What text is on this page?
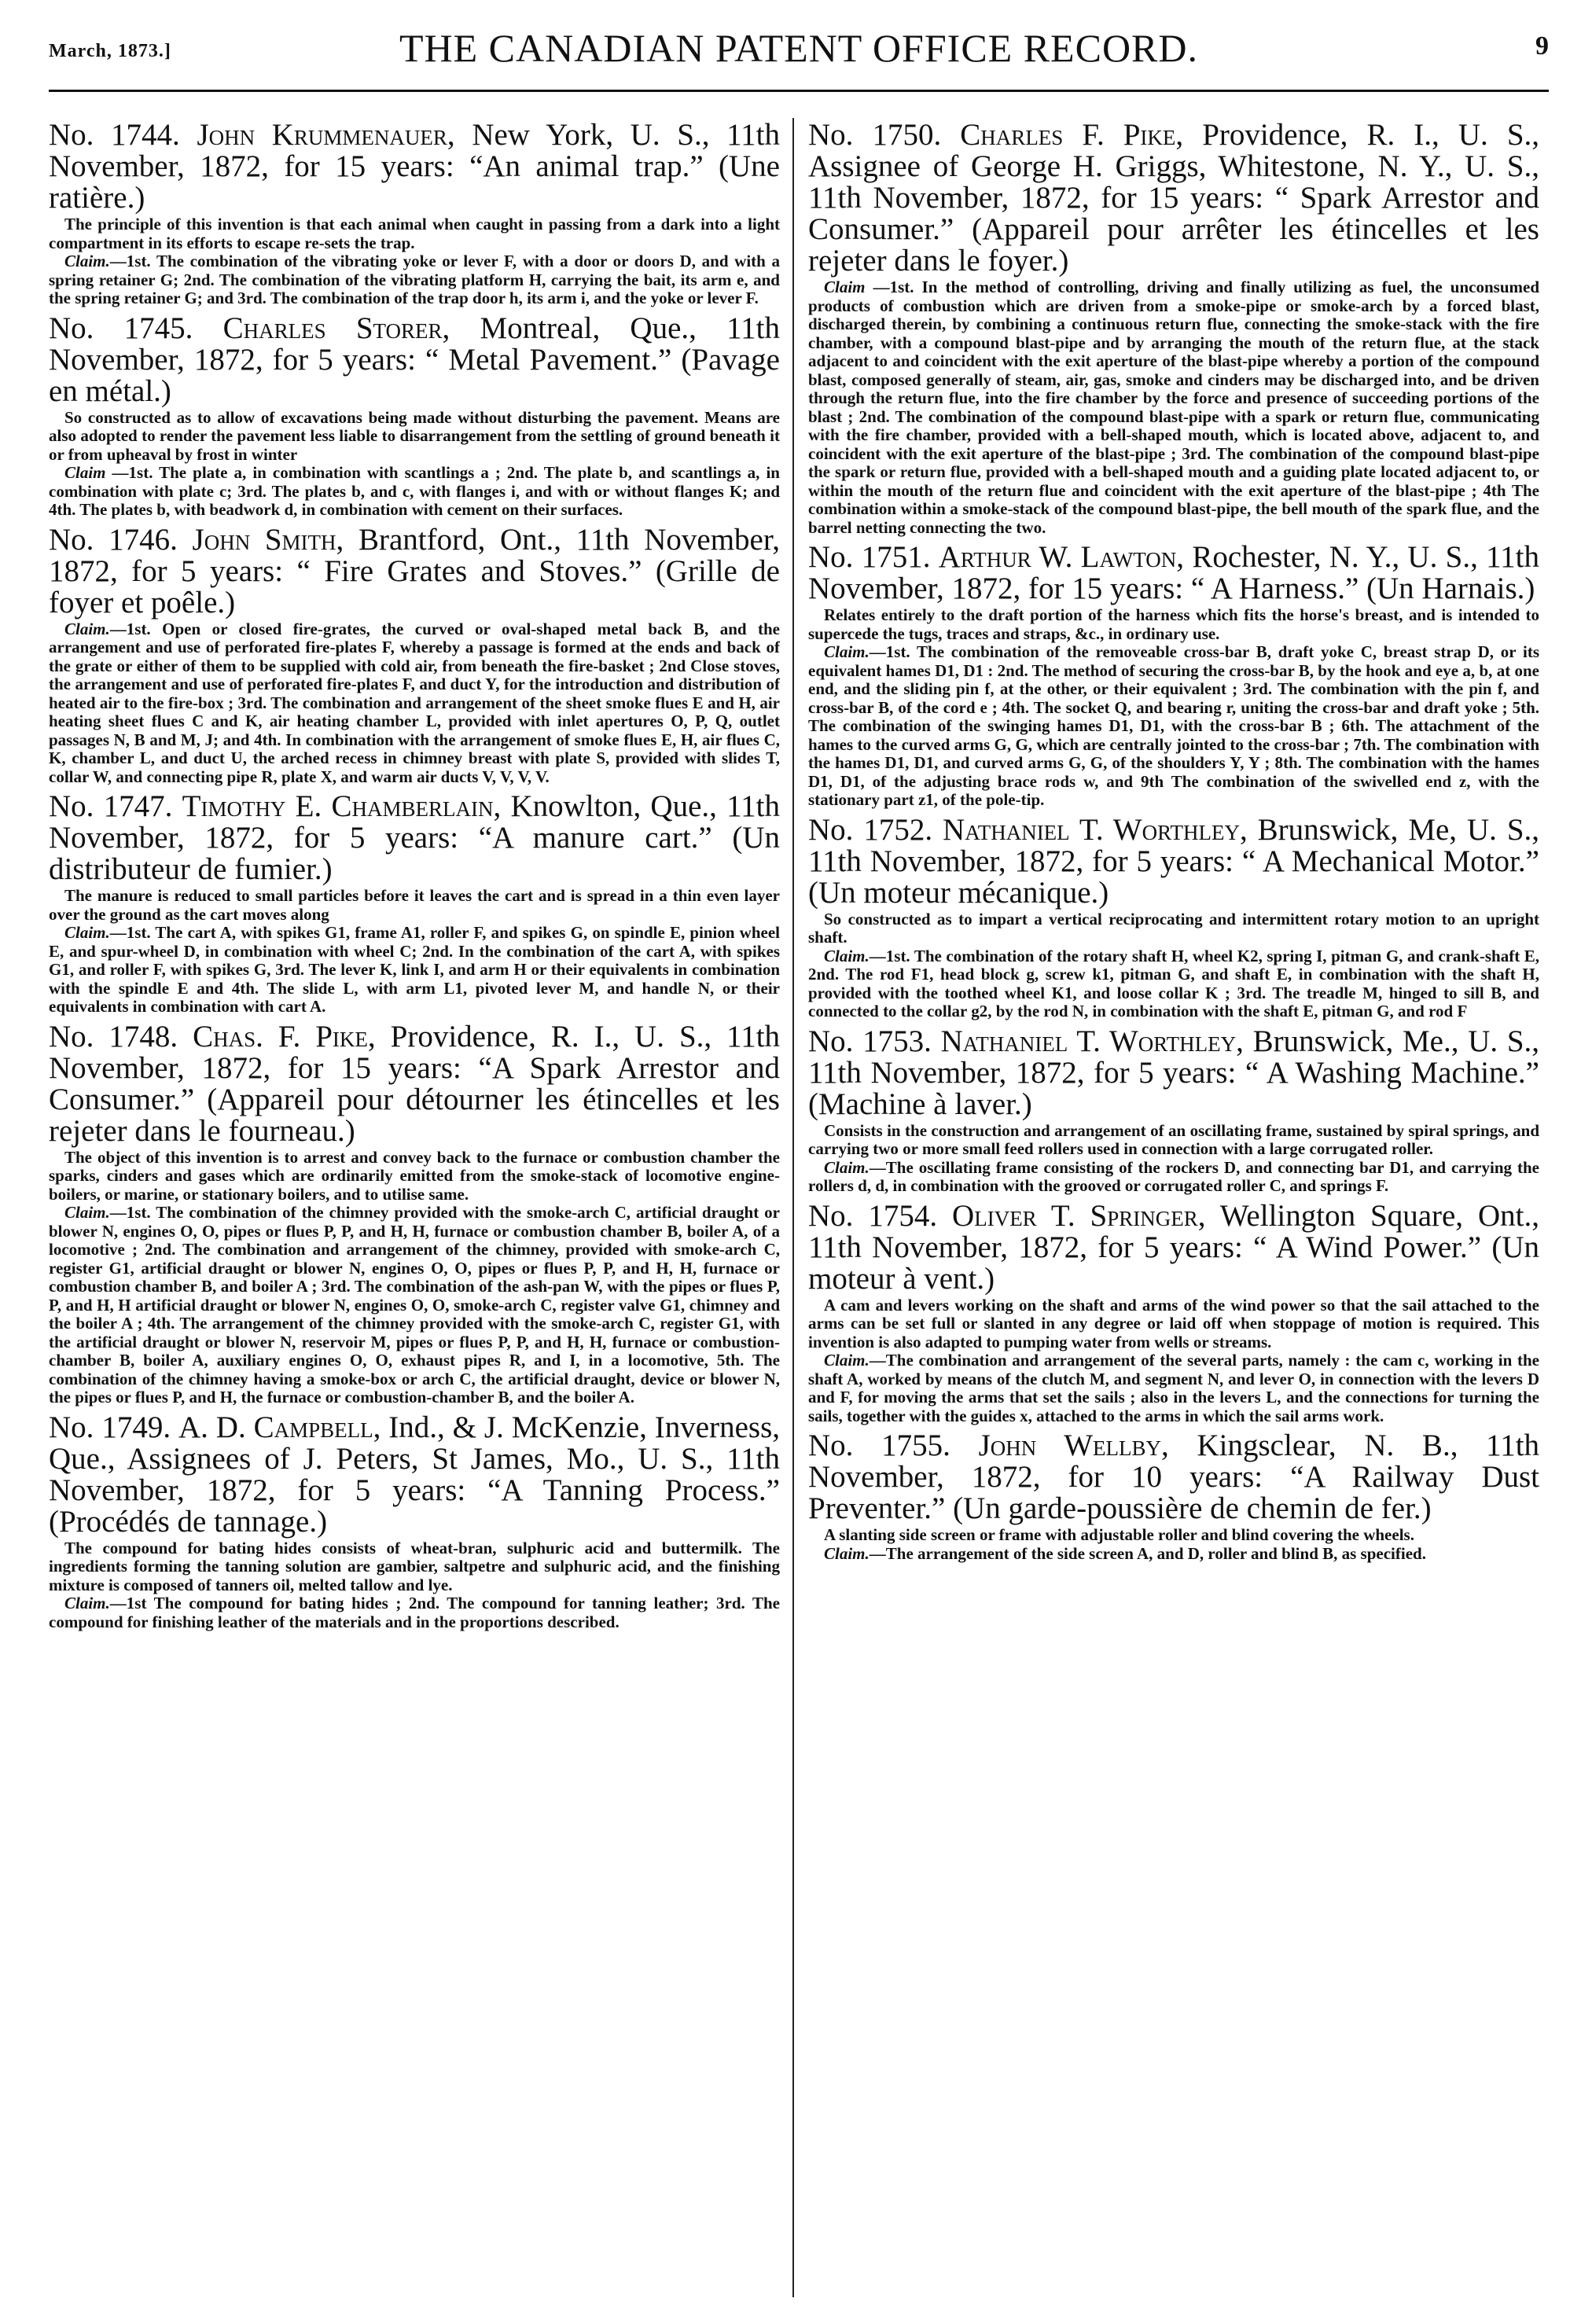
March, 1873.]	THE CANADIAN PATENT OFFICE RECORD.	9

No. 1744. John Krummenauer, New York, U. S., 11th November, 1872, for 15 years: “An animal trap.” (Une ratière.)

The principle of this invention is that each animal when caught in passing from a dark into a light compartment in its efforts to escape re-sets the trap.

Claim.—1st. The combination of the vibrating yoke or lever F, with a door or doors D, and with a spring retainer G; 2nd. The combination of the vibrating platform H, carrying the bait, its arm e, and the spring retainer G; and 3rd. The combination of the trap door h, its arm i, and the yoke or lever F.

No. 1745. Charles Storer, Montreal, Que., 11th November, 1872, for 5 years: “ Metal Pavement.” (Pavage en métal.)

So constructed as to allow of excavations being made without disturbing the pavement. Means are also adopted to render the pavement less liable to disarrangement from the settling of ground beneath it or from upheaval by frost in winter

Claim —1st. The plate a, in combination with scantlings a ; 2nd. The plate b, and scantlings a, in combination with plate c; 3rd. The plates b, and c, with flanges i, and with or without flanges K; and 4th. The plates b, with beadwork d, in combination with cement on their surfaces.

No. 1746. John Smith, Brantford, Ont., 11th November, 1872, for 5 years: “ Fire Grates and Stoves.” (Grille de foyer et poêle.)

Claim.—1st. Open or closed fire-grates, the curved or oval-shaped metal back B, and the arrangement and use of perforated fire-plates F, whereby a passage is formed at the ends and back of the grate or either of them to be supplied with cold air, from beneath the fire-basket ; 2nd Close stoves, the arrangement and use of perforated fire-plates F, and duct Y, for the introduction and distribution of heated air to the fire-box ; 3rd. The combination and arrangement of the sheet smoke flues E and H, air heating sheet flues C and K, air heating chamber L, provided with inlet apertures O, P, Q, outlet passages N, B and M, J; and 4th. In combination with the arrangement of smoke flues E, H, air flues C, K, chamber L, and duct U, the arched recess in chimney breast with plate S, provided with slides T, collar W, and connecting pipe R, plate X, and warm air ducts V, V, V, V.

No. 1747. Timothy E. Chamberlain, Knowlton, Que., 11th November, 1872, for 5 years: “A manure cart.” (Un distributeur de fumier.)

The manure is reduced to small particles before it leaves the cart and is spread in a thin even layer over the ground as the cart moves along

Claim.—1st. The cart A, with spikes G1, frame A1, roller F, and spikes G, on spindle E, pinion wheel E, and spur-wheel D, in combination with wheel C; 2nd. In the combination of the cart A, with spikes G1, and roller F, with spikes G, 3rd. The lever K, link I, and arm H or their equivalents in combination with the spindle E and 4th. The slide L, with arm L1, pivoted lever M, and handle N, or their equivalents in combination with cart A.

No. 1748. Chas. F. Pike, Providence, R. I., U. S., 11th November, 1872, for 15 years: “A Spark Arrestor and Consumer.” (Appareil pour détourner les étincelles et les rejeter dans le fourneau.)

The object of this invention is to arrest and convey back to the furnace or combustion chamber the sparks, cinders and gases which are ordinarily emitted from the smoke-stack of locomotive engine-boilers, or marine, or stationary boilers, and to utilise same.

Claim.—1st. The combination of the chimney provided with the smoke-arch C, artificial draught or blower N, engines O, O, pipes or flues P, P, and H, H, furnace or combustion chamber B, boiler A, of a locomotive ; 2nd. The combination and arrangement of the chimney, provided with smoke-arch C, register G1, artificial draught or blower N, engines O, O, pipes or flues P, P, and H, H, furnace or combustion chamber B, and boiler A ; 3rd. The combination of the ash-pan W, with the pipes or flues P, P, and H, H artificial draught or blower N, engines O, O, smoke-arch C, register valve G1, chimney and the boiler A ; 4th. The arrangement of the chimney provided with the smoke-arch C, register G1, with the artificial draught or blower N, reservoir M, pipes or flues P, P, and H, H, furnace or combustion-chamber B, boiler A, auxiliary engines O, O, exhaust pipes R, and I, in a locomotive, 5th. The combination of the chimney having a smoke-box or arch C, the artificial draught, device or blower N, the pipes or flues P, and H, the furnace or combustion-chamber B, and the boiler A.

No. 1749. A. D. Campbell, Ind., & J. McKenzie, Inverness, Que., Assignees of J. Peters, St James, Mo., U. S., 11th November, 1872, for 5 years: “A Tanning Process.” (Procédés de tannage.)

The compound for bating hides consists of wheat-bran, sulphuric acid and buttermilk. The ingredients forming the tanning solution are gambier, saltpetre and sulphuric acid, and the finishing mixture is composed of tanners oil, melted tallow and lye.

Claim.—1st The compound for bating hides ; 2nd. The compound for tanning leather; 3rd. The compound for finishing leather of the materials and in the proportions described.

No. 1750. Charles F. Pike, Providence, R. I., U. S., Assignee of George H. Griggs, Whitestone, N. Y., U. S., 11th November, 1872, for 15 years: “ Spark Arrestor and Consumer.” (Appareil pour arrêter les étincelles et les rejeter dans le foyer.)

Claim —1st. In the method of controlling, driving and finally utilizing as fuel, the unconsumed products of combustion which are driven from a smoke-pipe or smoke-arch by a forced blast, discharged therein, by combining a continuous return flue, connecting the smoke-stack with the fire chamber, with a compound blast-pipe and by arranging the mouth of the return flue, at the stack adjacent to and coincident with the exit aperture of the blast-pipe whereby a portion of the compound blast, composed generally of steam, air, gas, smoke and cinders may be discharged into, and be driven through the return flue, into the fire chamber by the force and presence of succeeding portions of the blast ; 2nd. The combination of the compound blast-pipe with a spark or return flue, communicating with the fire chamber, provided with a bell-shaped mouth, which is located above, adjacent to, and coincident with the exit aperture of the blast-pipe ; 3rd. The combination of the compound blast-pipe the spark or return flue, provided with a bell-shaped mouth and a guiding plate located adjacent to, or within the mouth of the return flue and coincident with the exit aperture of the blast-pipe ; 4th The combination within a smoke-stack of the compound blast-pipe, the bell mouth of the spark flue, and the barrel netting connecting the two.

No. 1751. Arthur W. Lawton, Rochester, N. Y., U. S., 11th November, 1872, for 15 years: “ A Harness.” (Un Harnais.)

Relates entirely to the draft portion of the harness which fits the horse's breast, and is intended to supercede the tugs, traces and straps, &c., in ordinary use.

Claim.—1st. The combination of the removeable cross-bar B, draft yoke C, breast strap D, or its equivalent hames D1, D1 : 2nd. The method of securing the cross-bar B, by the hook and eye a, b, at one end, and the sliding pin f, at the other, or their equivalent ; 3rd. The combination with the pin f, and cross-bar B, of the cord e ; 4th. The socket Q, and bearing r, uniting the cross-bar and draft yoke ; 5th. The combination of the swinging hames D1, D1, with the cross-bar B ; 6th. The attachment of the hames to the curved arms G, G, which are centrally jointed to the cross-bar ; 7th. The combination with the hames D1, D1, and curved arms G, G, of the shoulders Y, Y ; 8th. The combination with the hames D1, D1, of the adjusting brace rods w, and 9th The combination of the swivelled end z, with the stationary part z1, of the pole-tip.

No. 1752. Nathaniel T. Worthley, Brunswick, Me, U. S., 11th November, 1872, for 5 years: “ A Mechanical Motor.” (Un moteur mécanique.)

So constructed as to impart a vertical reciprocating and intermittent rotary motion to an upright shaft.

Claim.—1st. The combination of the rotary shaft H, wheel K2, spring I, pitman G, and crank-shaft E, 2nd. The rod F1, head block g, screw k1, pitman G, and shaft E, in combination with the shaft H, provided with the toothed wheel K1, and loose collar K ; 3rd. The treadle M, hinged to sill B, and connected to the collar g2, by the rod N, in combination with the shaft E, pitman G, and rod F

No. 1753. Nathaniel T. Worthley, Brunswick, Me., U. S., 11th November, 1872, for 5 years: “ A Washing Machine.” (Machine à laver.)

Consists in the construction and arrangement of an oscillating frame, sustained by spiral springs, and carrying two or more small feed rollers used in connection with a large corrugated roller.

Claim.—The oscillating frame consisting of the rockers D, and connecting bar D1, and carrying the rollers d, d, in combination with the grooved or corrugated roller C, and springs F.

No. 1754. Oliver T. Springer, Wellington Square, Ont., 11th November, 1872, for 5 years: “ A Wind Power.” (Un moteur à vent.)

A cam and levers working on the shaft and arms of the wind power so that the sail attached to the arms can be set full or slanted in any degree or laid off when stoppage of motion is required. This invention is also adapted to pumping water from wells or streams.

Claim.—The combination and arrangement of the several parts, namely : the cam c, working in the shaft A, worked by means of the clutch M, and segment N, and lever O, in connection with the levers D and F, for moving the arms that set the sails ; also in the levers L, and the connections for turning the sails, together with the guides x, attached to the arms in which the sail arms work.

No. 1755. John Wellby, Kingsclear, N. B., 11th November, 1872, for 10 years: “A Railway Dust Preventer.” (Un garde-poussière de chemin de fer.)

A slanting side screen or frame with adjustable roller and blind covering the wheels.

Claim.—The arrangement of the side screen A, and D, roller and blind B, as specified.
